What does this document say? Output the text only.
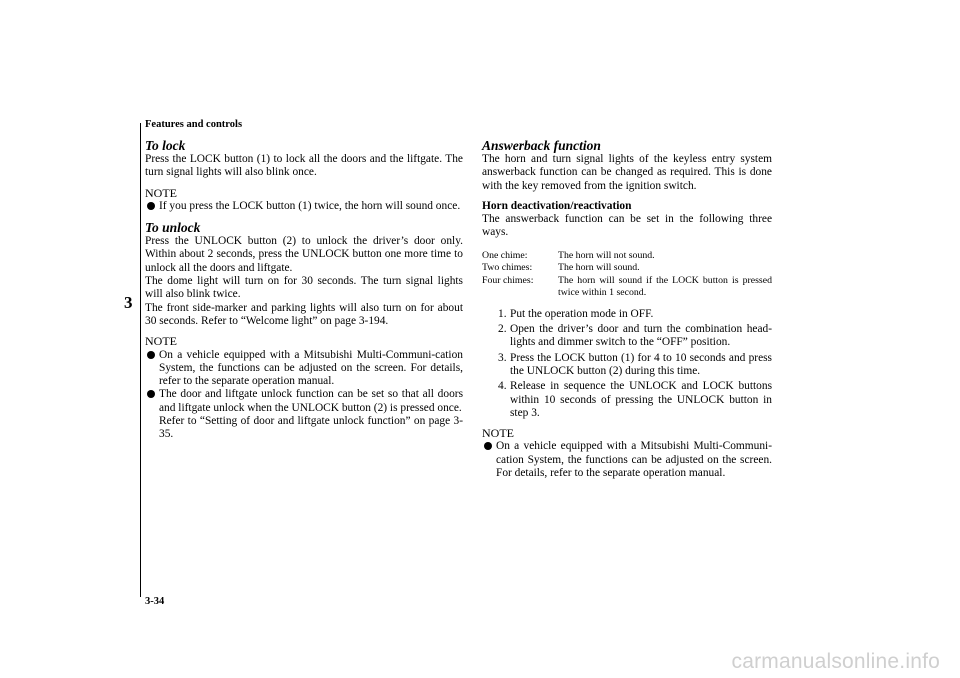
Features and controls
3
To lock

Press the LOCK button (1) to lock all the doors and the liftgate. The turn signal lights will also blink once.

NOTE
If you press the LOCK button (1) twice, the horn will sound once.
To unlock

Press the UNLOCK button (2) to unlock the driver’s door only. Within about 2 seconds, press the UNLOCK button one more time to unlock all the doors and liftgate.

The dome light will turn on for 30 seconds. The turn signal lights will also blink twice.

The front side-marker and parking lights will also turn on for about 30 seconds. Refer to “Welcome light” on page 3-194.

NOTE
On a vehicle equipped with a Mitsubishi Multi-Communi-cation System, the functions can be adjusted on the screen. For details, refer to the separate operation manual.
The door and liftgate unlock function can be set so that all doors and liftgate unlock when the UNLOCK button (2) is pressed once.
Refer to “Setting of door and liftgate unlock function” on page 3-35.
Answerback function

The horn and turn signal lights of the keyless entry system answerback function can be changed as required. This is done with the key removed from the ignition switch.

Horn deactivation/reactivation

The answerback function can be set in the following three ways.

One chime:	The horn will not sound.
Two chimes:	The horn will sound.
Four chimes:	The horn will sound if the LOCK button is pressed twice within 1 second.
1. Put the operation mode in OFF.
2. Open the driver’s door and turn the combination head-lights and dimmer switch to the “OFF” position.
3. Press the LOCK button (1) for 4 to 10 seconds and press the UNLOCK button (2) during this time.
4. Release in sequence the UNLOCK and LOCK buttons within 10 seconds of pressing the UNLOCK button in step 3.
NOTE
On a vehicle equipped with a Mitsubishi Multi-Communi-cation System, the functions can be adjusted on the screen. For details, refer to the separate operation manual.
3-34
carmanualsonline.info
